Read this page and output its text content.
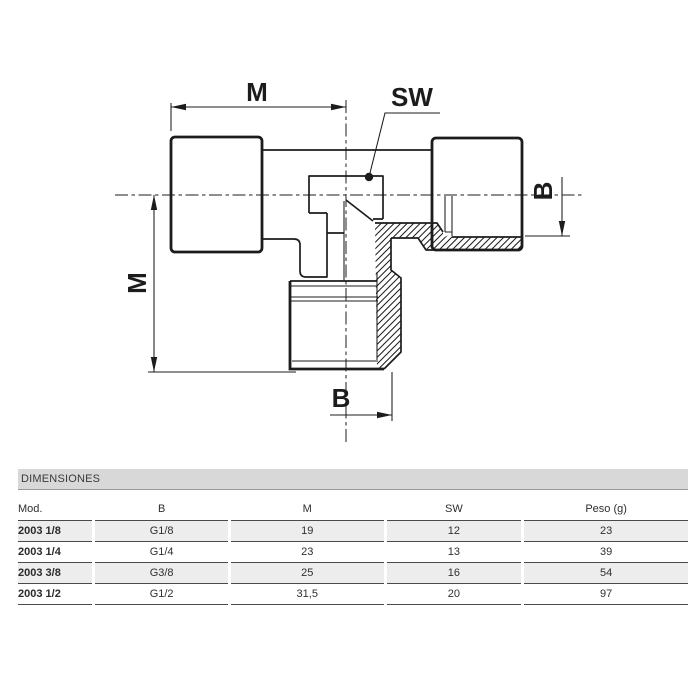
M	SW
M
B
B
DIMENSIONES
Mod.	B	M	SW	Peso (g)
2003 1/8	G1/8	19	12	23
2003 1/4	G1/4	23	13	39
2003 3/8	G3/8	25	16	54
2003 1/2	G1/2	31,5	20	97
